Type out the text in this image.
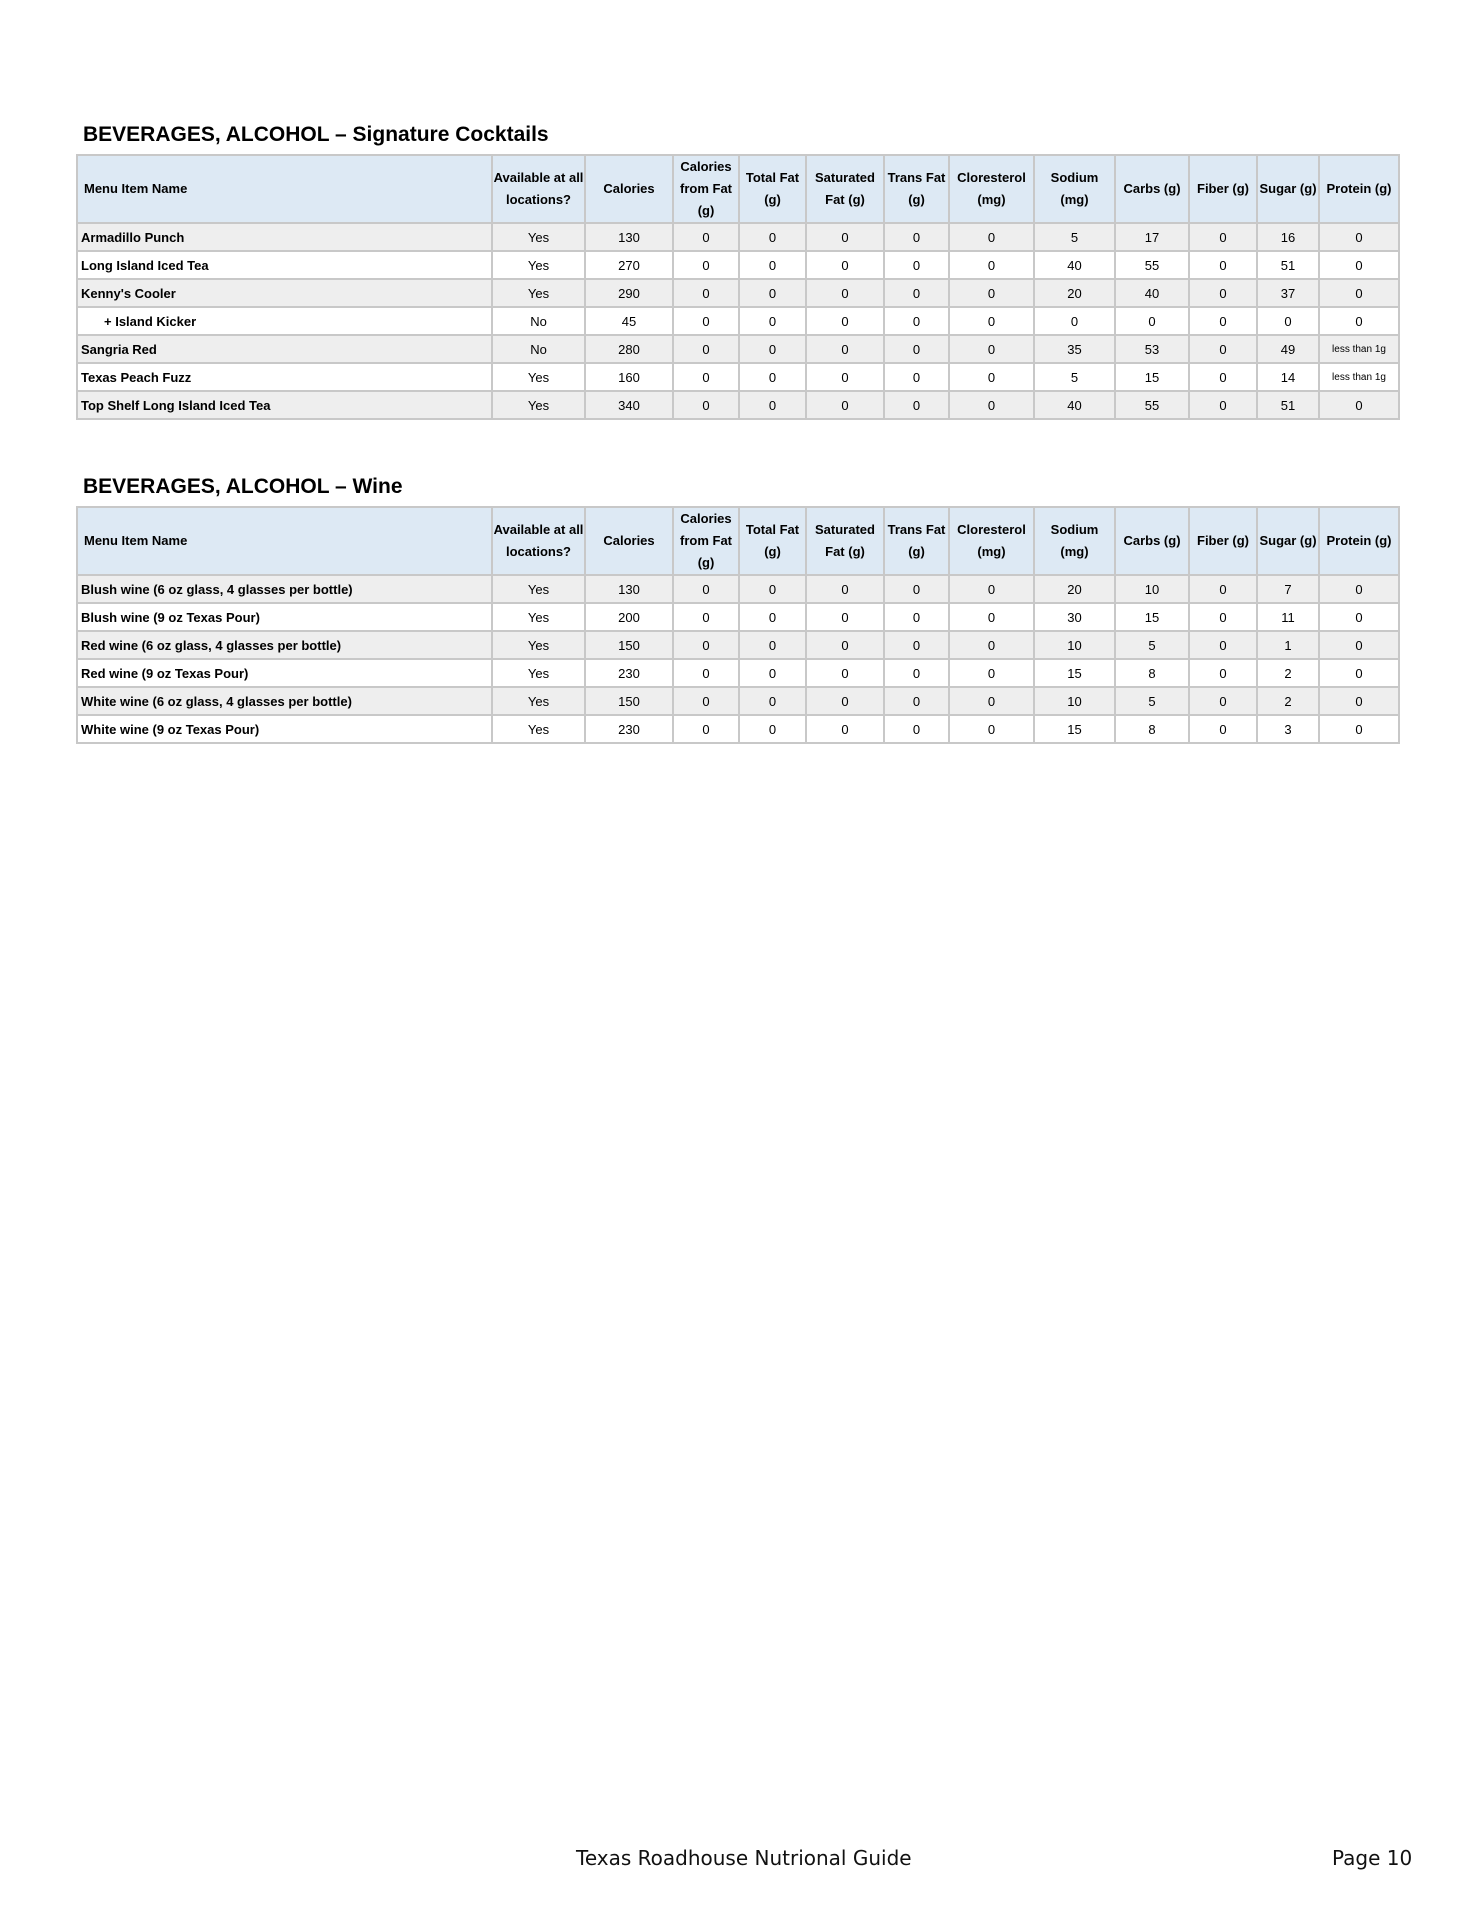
BEVERAGES, ALCOHOL – Signature Cocktails
Menu Item Name	Available at all locations?	Calories	Calories from Fat (g)	Total Fat (g)	Saturated Fat (g)	Trans Fat (g)	Cloresterol (mg)	Sodium (mg)	Carbs (g)	Fiber (g)	Sugar (g)	Protein (g)
Armadillo Punch	Yes	130	0	0	0	0	0	5	17	0	16	0
Long Island Iced Tea	Yes	270	0	0	0	0	0	40	55	0	51	0
Kenny's Cooler	Yes	290	0	0	0	0	0	20	40	0	37	0
+ Island Kicker	No	45	0	0	0	0	0	0	0	0	0	0
Sangria Red	No	280	0	0	0	0	0	35	53	0	49	less than 1g
Texas Peach Fuzz	Yes	160	0	0	0	0	0	5	15	0	14	less than 1g
Top Shelf Long Island Iced Tea	Yes	340	0	0	0	0	0	40	55	0	51	0
BEVERAGES, ALCOHOL – Wine
Menu Item Name	Available at all locations?	Calories	Calories from Fat (g)	Total Fat (g)	Saturated Fat (g)	Trans Fat (g)	Cloresterol (mg)	Sodium (mg)	Carbs (g)	Fiber (g)	Sugar (g)	Protein (g)
Blush wine (6 oz glass, 4 glasses per bottle)	Yes	130	0	0	0	0	0	20	10	0	7	0
Blush wine (9 oz Texas Pour)	Yes	200	0	0	0	0	0	30	15	0	11	0
Red wine (6 oz glass, 4 glasses per bottle)	Yes	150	0	0	0	0	0	10	5	0	1	0
Red wine (9 oz Texas Pour)	Yes	230	0	0	0	0	0	15	8	0	2	0
White wine (6 oz glass, 4 glasses per bottle)	Yes	150	0	0	0	0	0	10	5	0	2	0
White wine (9 oz Texas Pour)	Yes	230	0	0	0	0	0	15	8	0	3	0
Texas Roadhouse Nutrional Guide	Page 10
